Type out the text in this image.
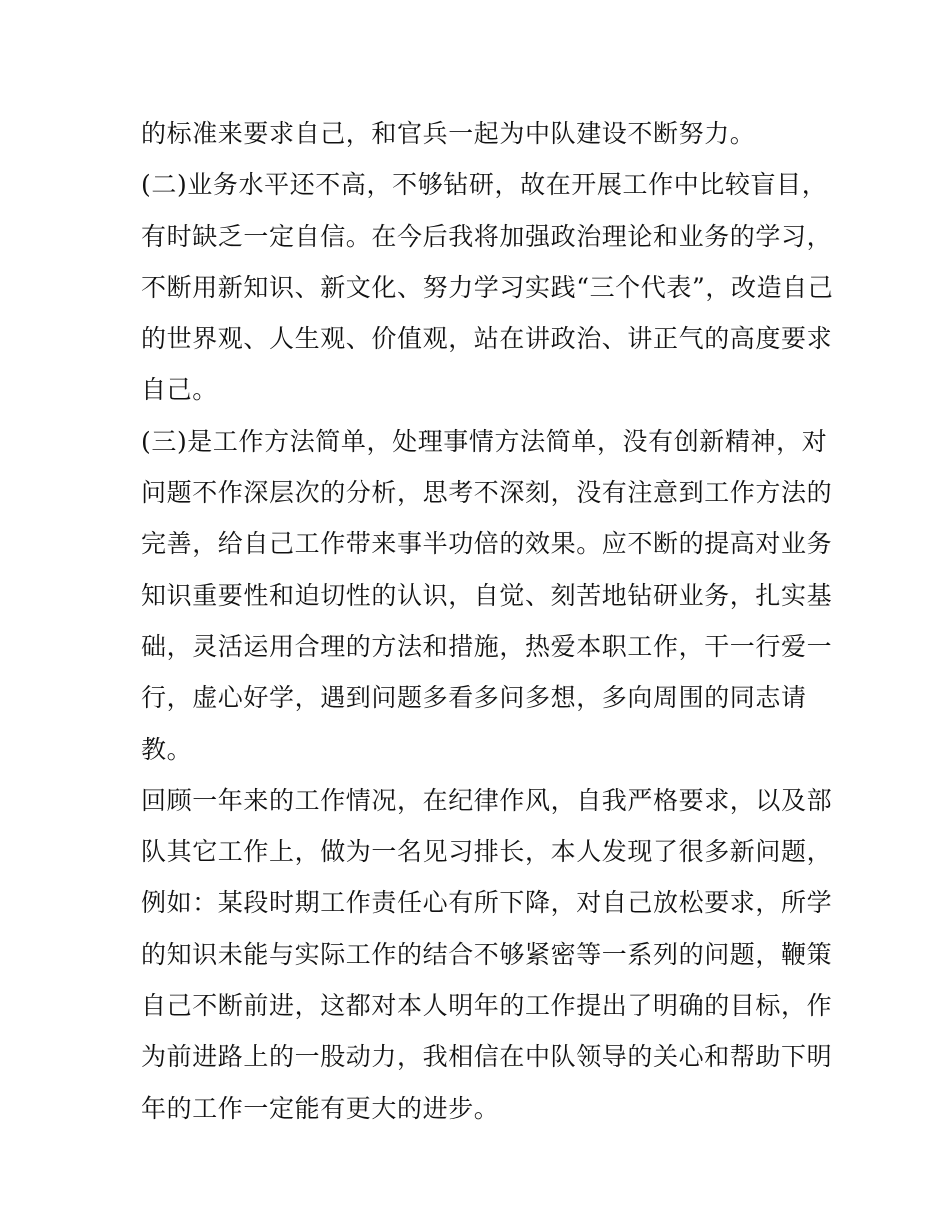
的标准来要求自己，和官兵一起为中队建设不断努力。
(二)业务水平还不高，不够钻研，故在开展工作中比较盲目，
有时缺乏一定自信。在今后我将加强政治理论和业务的学习，
不断用新知识、新文化、努力学习实践“三个代表”，改造自己
的世界观、人生观、价值观，站在讲政治、讲正气的高度要求
自己。
(三)是工作方法简单，处理事情方法简单，没有创新精神，对
问题不作深层次的分析，思考不深刻，没有注意到工作方法的
完善，给自己工作带来事半功倍的效果。应不断的提高对业务
知识重要性和迫切性的认识，自觉、刻苦地钻研业务，扎实基
础，灵活运用合理的方法和措施，热爱本职工作，干一行爱一
行，虚心好学，遇到问题多看多问多想，多向周围的同志请
教。
回顾一年来的工作情况，在纪律作风，自我严格要求，以及部
队其它工作上，做为一名见习排长，本人发现了很多新问题，
例如：某段时期工作责任心有所下降，对自己放松要求，所学
的知识未能与实际工作的结合不够紧密等一系列的问题，鞭策
自己不断前进，这都对本人明年的工作提出了明确的目标，作
为前进路上的一股动力，我相信在中队领导的关心和帮助下明
年的工作一定能有更大的进步。
